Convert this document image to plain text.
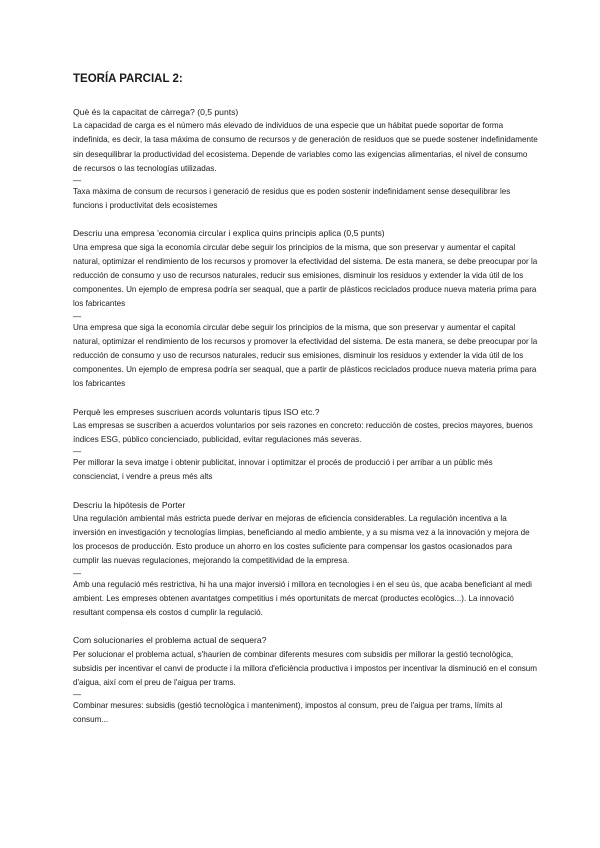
TEORÍA PARCIAL 2:

Què és la capacitat de càrrega? (0,5 punts)

La capacidad de carga es el número más elevado de individuos de una especie que un hábitat puede soportar de forma indefinida, es decir, la tasa máxima de consumo de recursos y de generación de residuos que se puede sostener indefinidamente sin desequilibrar la productividad del ecosistema. Depende de variables como las exigencias alimentarias, el nivel de consumo de recursos o las tecnologías utilizadas.

—

Taxa màxima de consum de recursos i generació de residus que es poden sostenir indefinidament sense desequilibrar les funcions i productivitat dels ecosistemes

Descriu una empresa 'economia circular i explica quins principis aplica (0,5 punts)

Una empresa que siga la economía circular debe seguir los principios de la misma, que son preservar y aumentar el capital natural, optimizar el rendimiento de los recursos y promover la efectividad del sistema. De esta manera, se debe preocupar por la reducción de consumo y uso de recursos naturales, reducir sus emisiones, disminuir los residuos y extender la vida útil de los componentes. Un ejemplo de empresa podría ser seaqual, que a partir de plásticos reciclados produce nueva materia prima para los fabricantes

—

Una empresa que siga la economía circular debe seguir los principios de la misma, que son preservar y aumentar el capital natural, optimizar el rendimiento de los recursos y promover la efectividad del sistema. De esta manera, se debe preocupar por la reducción de consumo y uso de recursos naturales, reducir sus emisiones, disminuir los residuos y extender la vida útil de los componentes. Un ejemplo de empresa podría ser seaqual, que a partir de plásticos reciclados produce nueva materia prima para los fabricantes

Perquè les empreses suscriuen acords voluntaris tipus ISO etc.?

Las empresas se suscriben a acuerdos voluntarios por seis razones en concreto: reducción de costes, precios mayores, buenos índices ESG, público concienciado, publicidad, evitar regulaciones más severas.

—

Per millorar la seva imatge i obtenir publicitat, innovar i optimitzar el procés de producció i per arribar a un públic més conscienciat, i vendre a preus més alts

Descriu la hipótesis de Porter

Una regulación ambiental más estricta puede derivar en mejoras de eficiencia considerables. La regulación incentiva a la inversión en investigación y tecnologías limpias, beneficiando al medio ambiente, y a su misma vez a la innovación y mejora de los procesos de producción. Esto produce un ahorro en los costes suficiente para compensar los gastos ocasionados para cumplir las nuevas regulaciones, mejorando la competitividad de la empresa.

—

Amb una regulació més restrictiva, hi ha una major inversió i millora en tecnologies i en el seu ús, que acaba beneficiant al medi ambient. Les empreses obtenen avantatges competitius i més oportunitats de mercat (productes ecològics...). La innovació resultant compensa els costos d cumplir la regulació.

Com solucionaries el problema actual de sequera?

Per solucionar el problema actual, s'haurien de combinar diferents mesures com subsidis per millorar la gestió tecnològica, subsidis per incentivar el canvi de producte i la millora d'eficiència productiva i impostos per incentivar la disminució en el consum d'aigua, així com el preu de l'aigua per trams.

—

Combinar mesures: subsidis (gestió tecnològica i manteniment), impostos al consum, preu de l'aigua per trams, límits al consum...
